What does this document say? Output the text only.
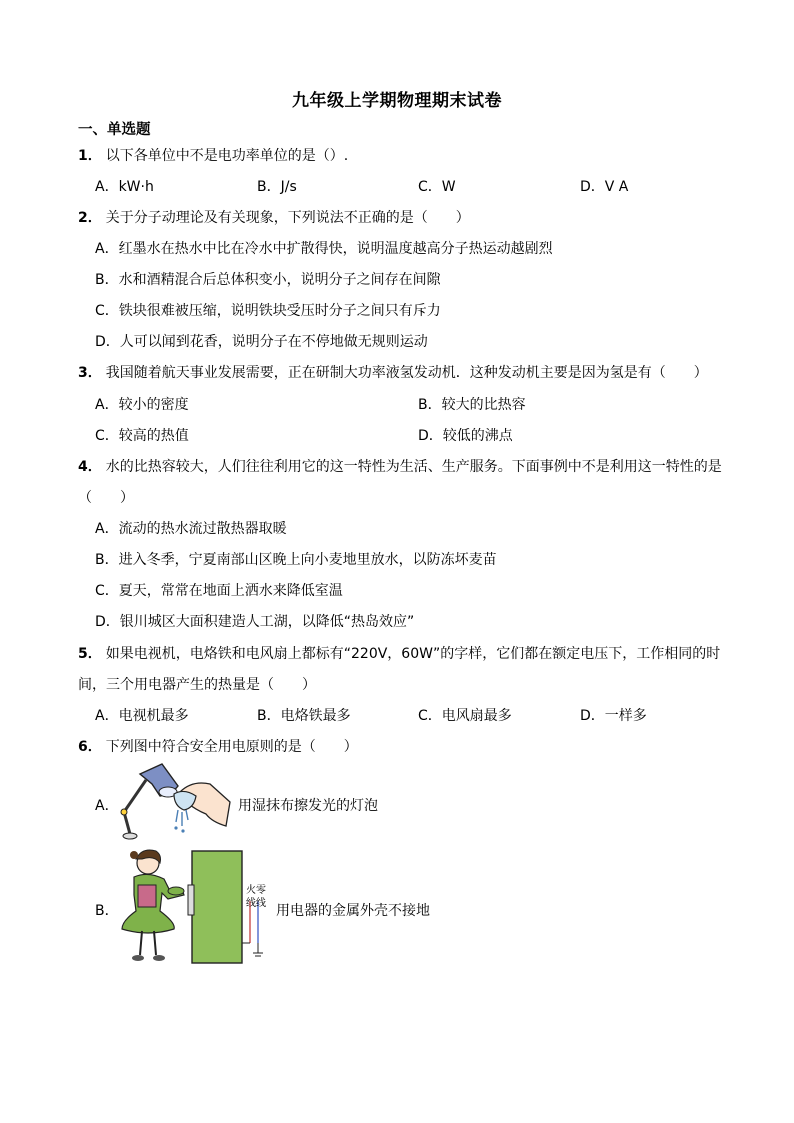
九年级上学期物理期末试卷
一、单选题
1． 以下各单位中不是电功率单位的是（）.
A．kW·h	B．J/s	C．W	D．V A
2． 关于分子动理论及有关现象，下列说法不正确的是（　　）
A．红墨水在热水中比在冷水中扩散得快，说明温度越高分子热运动越剧烈
B．水和酒精混合后总体积变小，说明分子之间存在间隙
C．铁块很难被压缩，说明铁块受压时分子之间只有斥力
D．人可以闻到花香，说明分子在不停地做无规则运动
3． 我国随着航天事业发展需要，正在研制大功率液氢发动机．这种发动机主要是因为氢是有（　　）
A．较小的密度	B．较大的比热容
C．较高的热值	D．较低的沸点
4． 水的比热容较大，人们往往利用它的这一特性为生活、生产服务。下面事例中不是利用这一特性的是
（　　）
A．流动的热水流过散热器取暖
B．进入冬季，宁夏南部山区晚上向小麦地里放水，以防冻坏麦苗
C．夏天，常常在地面上洒水来降低室温
D．银川城区大面积建造人工湖，以降低“热岛效应”
5． 如果电视机，电烙铁和电风扇上都标有“220V，60W”的字样，它们都在额定电压下，工作相同的时
间，三个用电器产生的热量是（　　）
A．电视机最多	B．电烙铁最多	C．电风扇最多	D．一样多
6． 下列图中符合安全用电原则的是（　　）
A．	用湿抹布擦发光的灯泡
B．
火 零
线线 用电器的金属外壳不接地
